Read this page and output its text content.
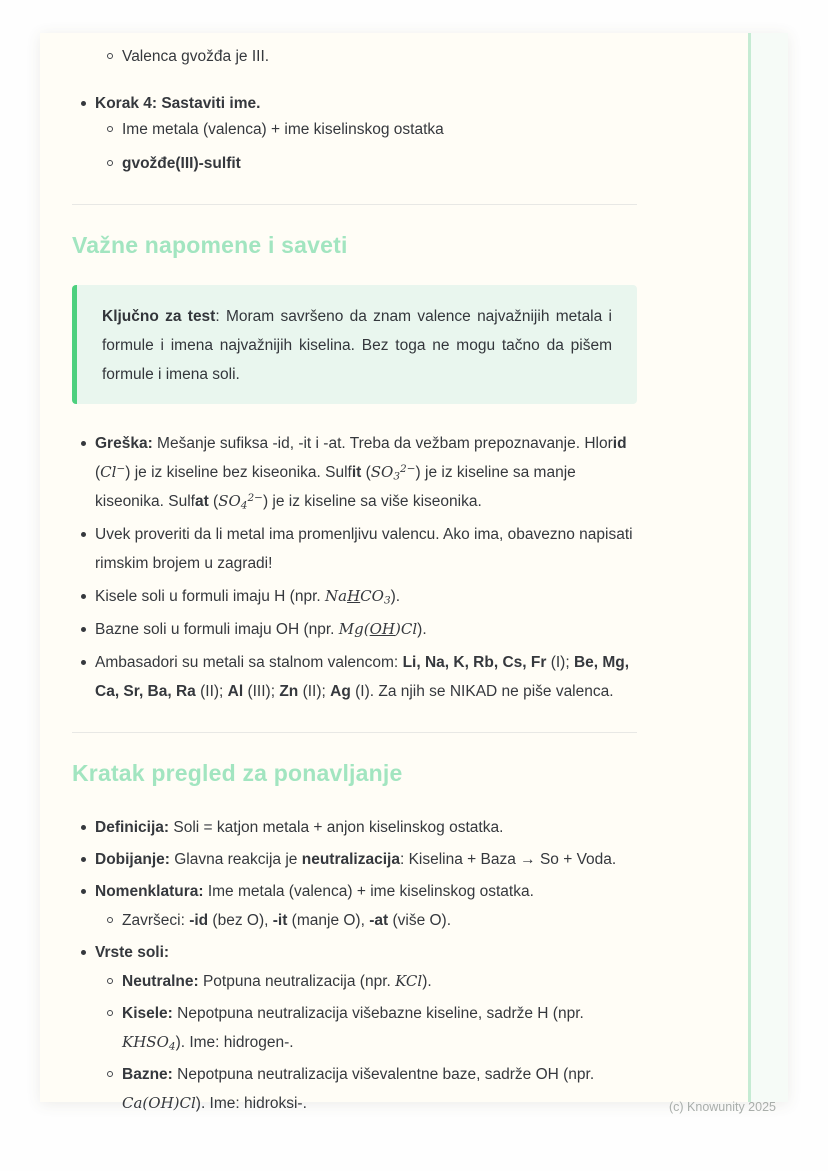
Valenca gvožđa je III.
Korak 4: Sastaviti ime.
Ime metala (valenca) + ime kiselinskog ostatka
gvožđe(III)-sulfit
Važne napomene i saveti
Ključno za test: Moram savršeno da znam valence najvažnijih metala i formule i imena najvažnijih kiselina. Bez toga ne mogu tačno da pišem formule i imena soli.
Greška: Mešanje sufiksa -id, -it i -at. Treba da vežbam prepoznavanje. Hlorid (Cl−) je iz kiseline bez kiseonika. Sulfit $(SO_3^{2-})$ je iz kiseline sa manje kiseonika. Sulfat $(SO_4^{2-})$ je iz kiseline sa više kiseonika.
Uvek proveriti da li metal ima promenljivu valencu. Ako ima, obavezno napisati rimskim brojem u zagradi!
Kisele soli u formuli imaju H (npr. NaHCO$_3$).
Bazne soli u formuli imaju OH (npr. Mg(OH)Cl).
Ambasadori su metali sa stalnom valencom: Li, Na, K, Rb, Cs, Fr (I); Be, Mg, Ca, Sr, Ba, Ra (II); Al (III); Zn (II); Ag (I). Za njih se NIKAD ne piše valenca.
Kratak pregled za ponavljanje
Definicija: Soli = katjon metala + anjon kiselinskog ostatka.
Dobijanje: Glavna reakcija je neutralizacija: Kiselina + Baza → So + Voda.
Nomenklatura: Ime metala (valenca) + ime kiselinskog ostatka.
Završeci: -id (bez O), -it (manje O), -at (više O).
Vrste soli:
Neutralne: Potpuna neutralizacija (npr. KCl).
Kisele: Nepotpuna neutralizacija višebazne kiseline, sadrže H (npr. $KHSO_4$). Ime: hidrogen-.
Bazne: Nepotpuna neutralizacija viševalentne baze, sadrže OH (npr. Ca(OH)Cl). Ime: hidroksi-.	(c) Knowunity 2025
